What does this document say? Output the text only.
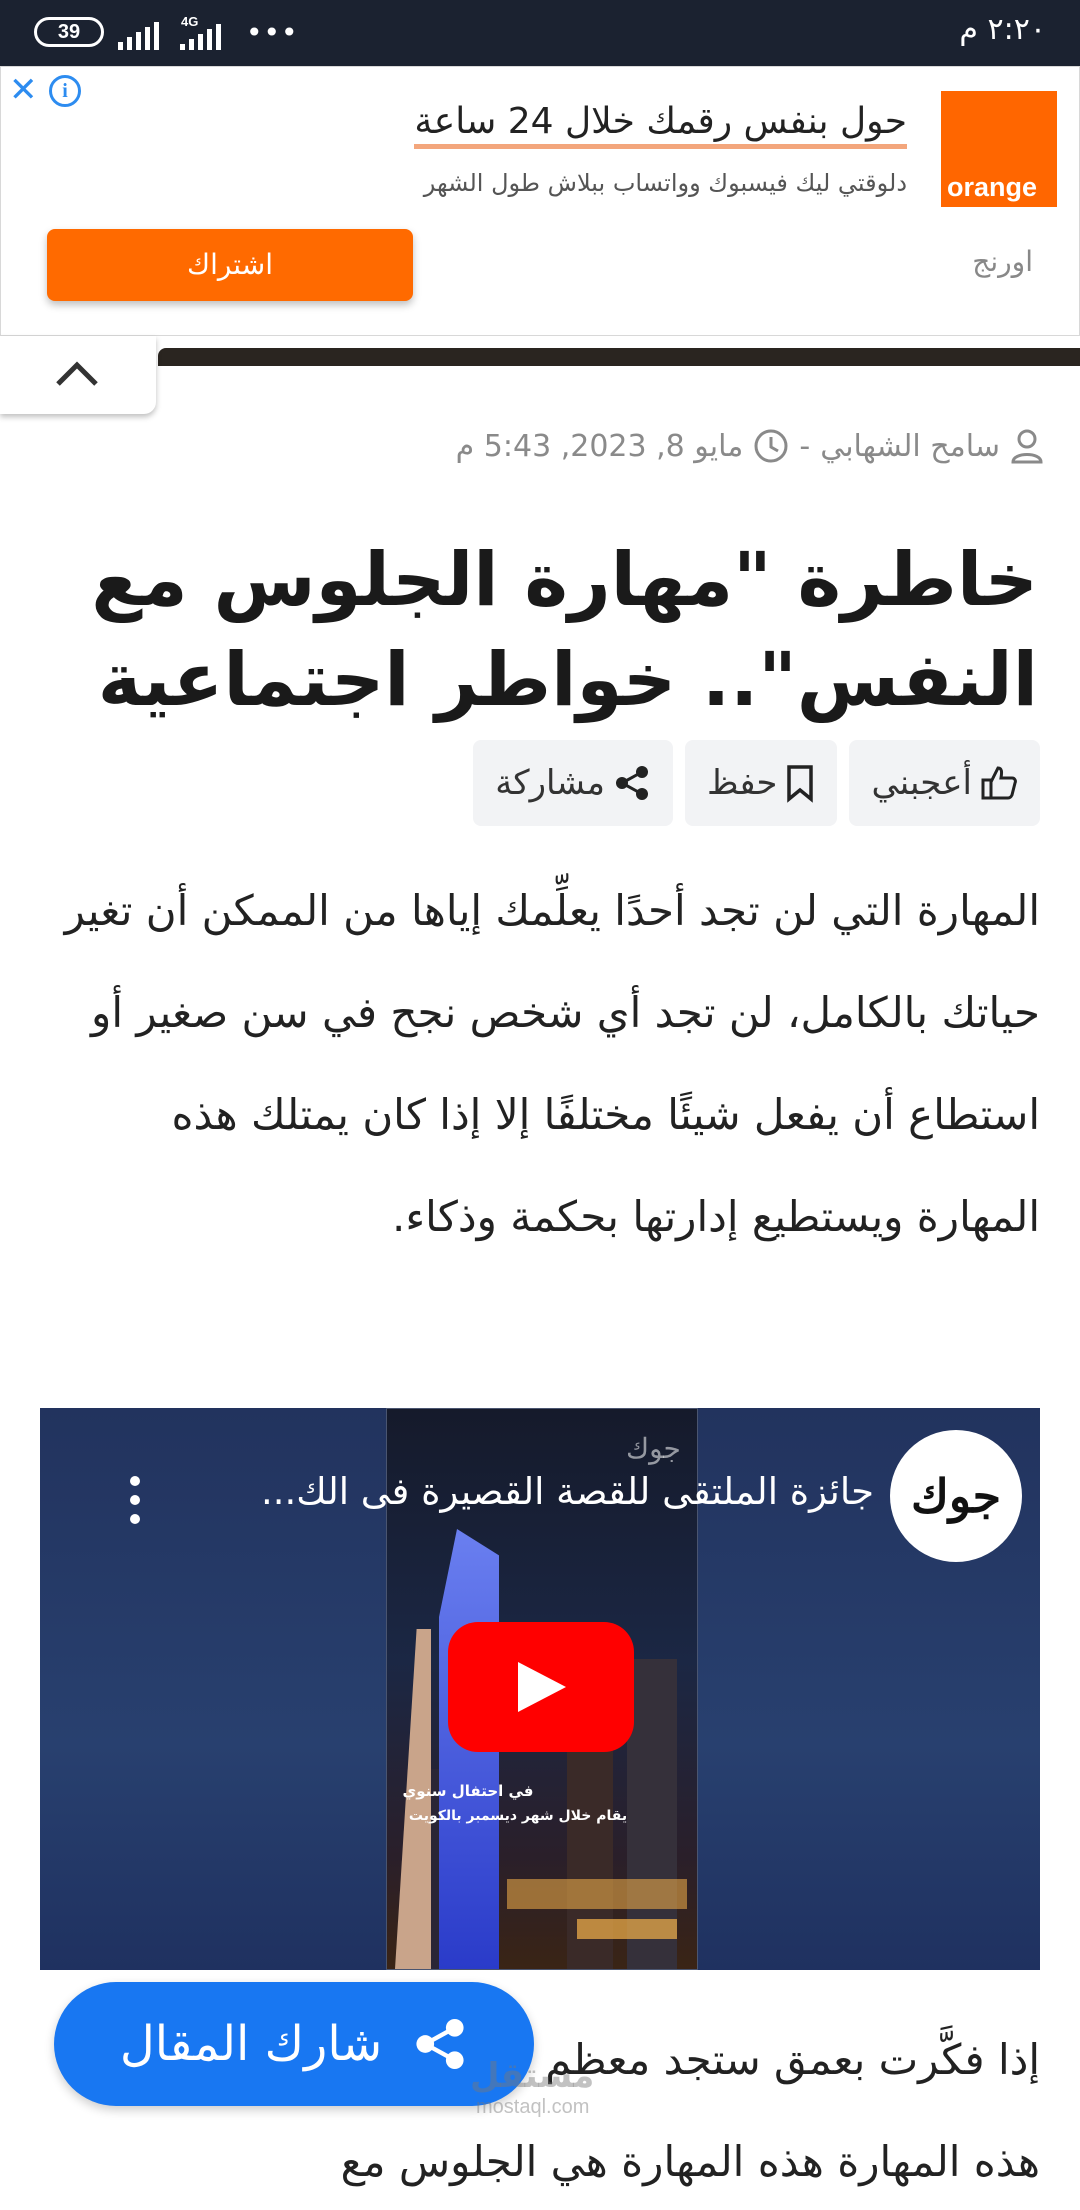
39	4G •••	٢:٢٠ م
✕	i
orange
حول بنفس رقمك خلال 24 ساعة
دلوقتي ليك فيسبوك وواتساب ببلاش طول الشهر
اشتراك	اورنج
سامح الشهابي
-
مايو 8, 2023, 5:43 م
خاطرة "مهارة الجلوس مع النفس".. خواطر اجتماعية
أعجبني
حفظ
مشاركة

المهارة التي لن تجد أحدًا يعلِّمك إياها من الممكن أن تغير حياتك بالكامل، لن تجد أي شخص نجح في سن صغير أو استطاع أن يفعل شيئًا مختلفًا إلا إذا كان يمتلك هذه المهارة ويستطيع إدارتها بحكمة وذكاء.

جوك
جوك
جائزة الملتقى للقصة القصيرة فى الك...
في احتفال سنوي
يقام خلال شهر ديسمبر بالكويت

إذا فكَّرت بعمق ستجد معظم

هذه المهارة هذه المهارة هي الجلوس مع

شارك المقال
مستقل
mostaql.com
